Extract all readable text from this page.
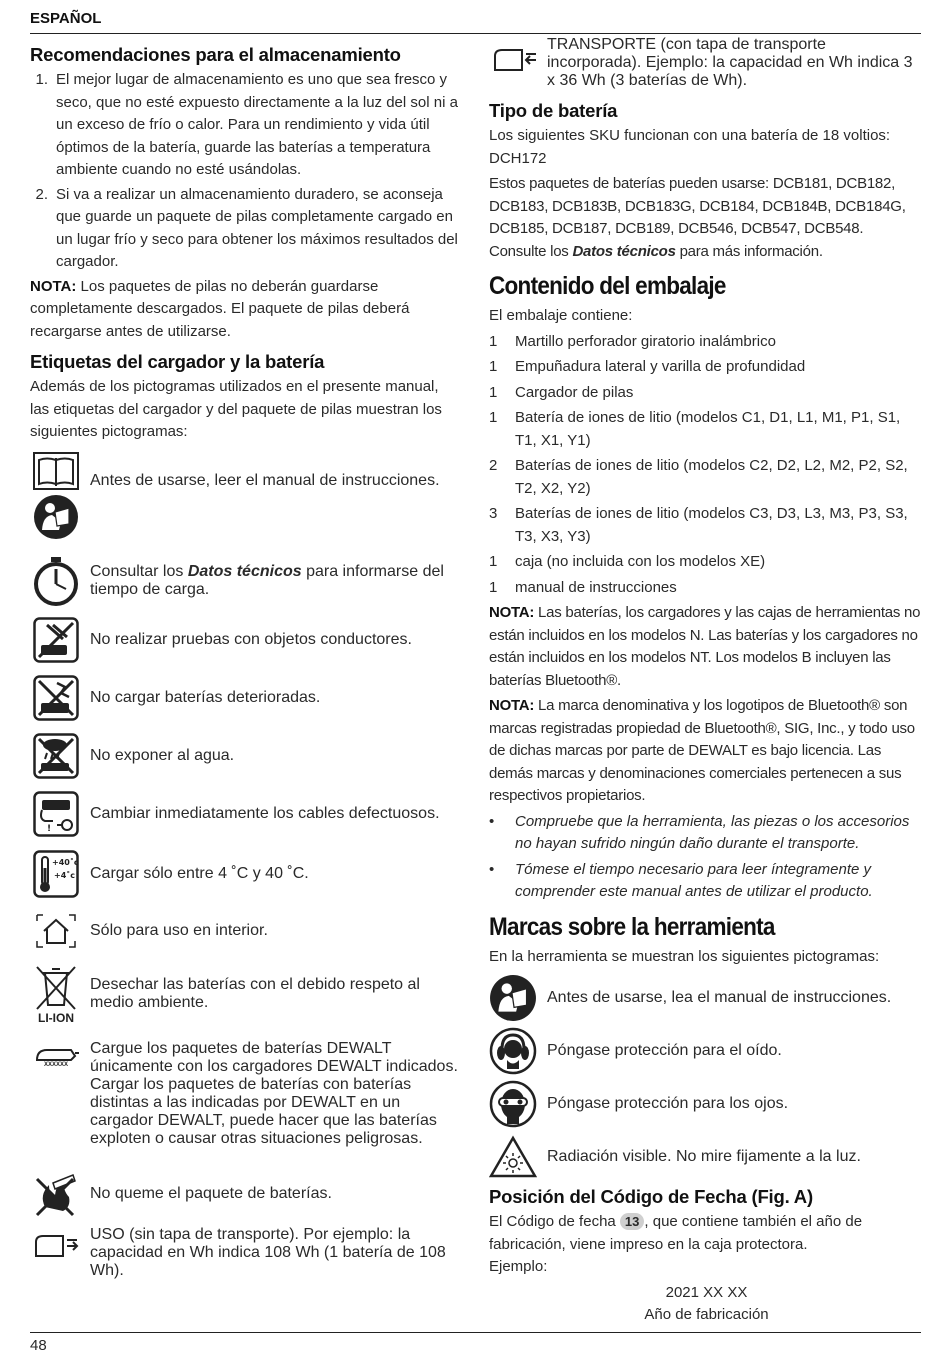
ESPAÑOL
Recomendaciones para el almacenamiento
1. El mejor lugar de almacenamiento es uno que sea fresco y seco, que no esté expuesto directamente a la luz del sol ni a un exceso de frío o calor. Para un rendimiento y vida útil óptimos de la batería, guarde las baterías a temperatura ambiente cuando no esté usándolas.
2. Si va a realizar un almacenamiento duradero, se aconseja que guarde un paquete de pilas completamente cargado en un lugar frío y seco para obtener los máximos resultados del cargador.

NOTA: Los paquetes de pilas no deberán guardarse completamente descargados. El paquete de pilas deberá recargarse antes de utilizarse.

Etiquetas del cargador y la batería

Además de los pictogramas utilizados en el presente manual, las etiquetas del cargador y del paquete de pilas muestran los siguientes pictogramas:

Antes de usarse, leer el manual de instrucciones.
Consultar los Datos técnicos para informarse del tiempo de carga.
No realizar pruebas con objetos conductores.
No cargar baterías deterioradas.
No exponer al agua.
!
Cambiar inmediatamente los cables defectuosos.
+40˚c
+4˚c Cargar sólo entre 4 ˚C y 40 ˚C.
Sólo para uso en interior.
LI-ION
Desechar las baterías con el debido respeto al medio ambiente.
XXXXXX
Cargue los paquetes de baterías DEWALT únicamente con los cargadores DEWALT indicados. Cargar los paquetes de baterías con baterías distintas a las indicadas por DEWALT en un cargador DEWALT, puede hacer que las baterías exploten o causar otras situaciones peligrosas.
No queme el paquete de baterías.
USO (sin tapa de transporte). Por ejemplo: la capacidad en Wh indica 108 Wh (1 batería de 108 Wh).
TRANSPORTE (con tapa de transporte incorporada). Ejemplo: la capacidad en Wh indica 3 x 36 Wh (3 baterías de Wh).
Tipo de batería

Los siguientes SKU funcionan con una batería de 18 voltios: DCH172

Estos paquetes de baterías pueden usarse: DCB181, DCB182, DCB183, DCB183B, DCB183G, DCB184, DCB184B, DCB184G, DCB185, DCB187, DCB189, DCB546, DCB547, DCB548. Consulte los Datos técnicos para más información.

Contenido del embalaje

El embalaje contiene:

1	Martillo perforador giratorio inalámbrico
1	Empuñadura lateral y varilla de profundidad
1	Cargador de pilas
1	Batería de iones de litio (modelos C1, D1, L1, M1, P1, S1, T1, X1, Y1)
2	Baterías de iones de litio (modelos C2, D2, L2, M2, P2, S2, T2, X2, Y2)
3	Baterías de iones de litio (modelos C3, D3, L3, M3, P3, S3, T3, X3, Y3)
1	caja (no incluida con los modelos XE)
1	manual de instrucciones

NOTA: Las baterías, los cargadores y las cajas de herramientas no están incluidos en los modelos N. Las baterías y los cargadores no están incluidos en los modelos NT. Los modelos B incluyen las baterías Bluetooth®.

NOTA: La marca denominativa y los logotipos de Bluetooth® son marcas registradas propiedad de Bluetooth®, SIG, Inc., y todo uso de dichas marcas por parte de DEWALT es bajo licencia. Las demás marcas y denominaciones comerciales pertenecen a sus respectivos propietarios.

•	Compruebe que la herramienta, las piezas o los accesorios no hayan sufrido ningún daño durante el transporte.
•	Tómese el tiempo necesario para leer íntegramente y comprender este manual antes de utilizar el producto.
Marcas sobre la herramienta

En la herramienta se muestran los siguientes pictogramas:

Antes de usarse, lea el manual de instrucciones.
Póngase protección para el oído.
Póngase protección para los ojos.
Radiación visible. No mire fijamente a la luz.
Posición del Código de Fecha (Fig. A)

El Código de fecha 13 , que contiene también el año de fabricación, viene impreso en la caja protectora.

Ejemplo:

2021 XX XX

Año de fabricación

48
